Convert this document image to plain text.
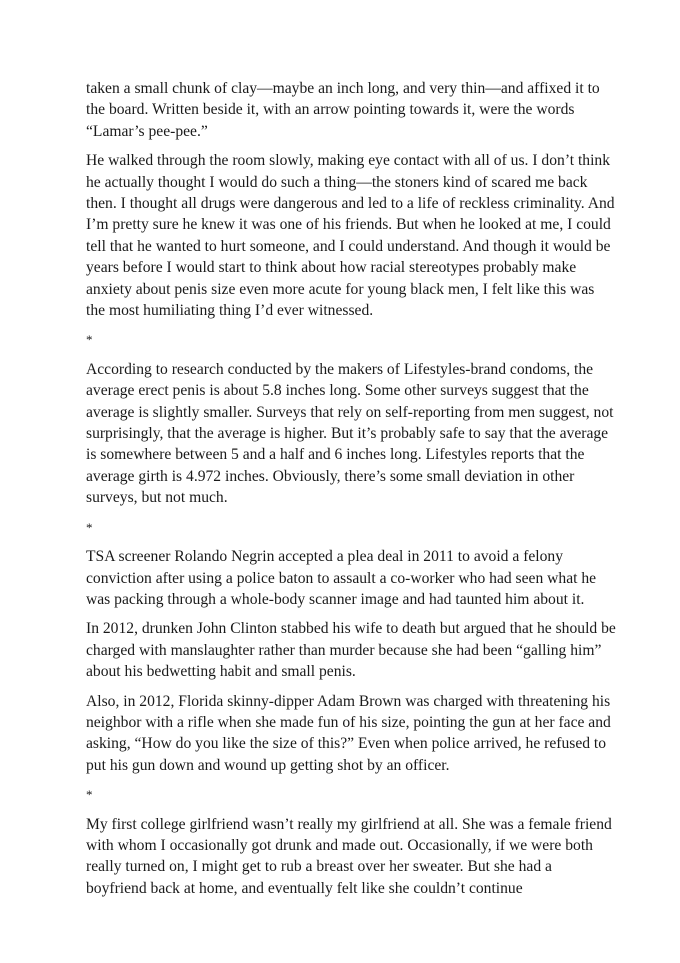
taken a small chunk of clay—maybe an inch long, and very thin—and affixed it to the board. Written beside it, with an arrow pointing towards it, were the words “Lamar’s pee-pee.”

He walked through the room slowly, making eye contact with all of us. I don’t think he actually thought I would do such a thing—the stoners kind of scared me back then. I thought all drugs were dangerous and led to a life of reckless criminality. And I’m pretty sure he knew it was one of his friends. But when he looked at me, I could tell that he wanted to hurt someone, and I could understand. And though it would be years before I would start to think about how racial stereotypes probably make anxiety about penis size even more acute for young black men, I felt like this was the most humiliating thing I’d ever witnessed.

*

According to research conducted by the makers of Lifestyles-brand condoms, the average erect penis is about 5.8 inches long. Some other surveys suggest that the average is slightly smaller. Surveys that rely on self-reporting from men suggest, not surprisingly, that the average is higher. But it’s probably safe to say that the average is somewhere between 5 and a half and 6 inches long. Lifestyles reports that the average girth is 4.972 inches. Obviously, there’s some small deviation in other surveys, but not much.

*

TSA screener Rolando Negrin accepted a plea deal in 2011 to avoid a felony conviction after using a police baton to assault a co-worker who had seen what he was packing through a whole-body scanner image and had taunted him about it.

In 2012, drunken John Clinton stabbed his wife to death but argued that he should be charged with manslaughter rather than murder because she had been “galling him” about his bedwetting habit and small penis.

Also, in 2012, Florida skinny-dipper Adam Brown was charged with threatening his neighbor with a rifle when she made fun of his size, pointing the gun at her face and asking, “How do you like the size of this?” Even when police arrived, he refused to put his gun down and wound up getting shot by an officer.

*

My first college girlfriend wasn’t really my girlfriend at all. She was a female friend with whom I occasionally got drunk and made out. Occasionally, if we were both really turned on, I might get to rub a breast over her sweater. But she had a boyfriend back at home, and eventually felt like she couldn’t continue
